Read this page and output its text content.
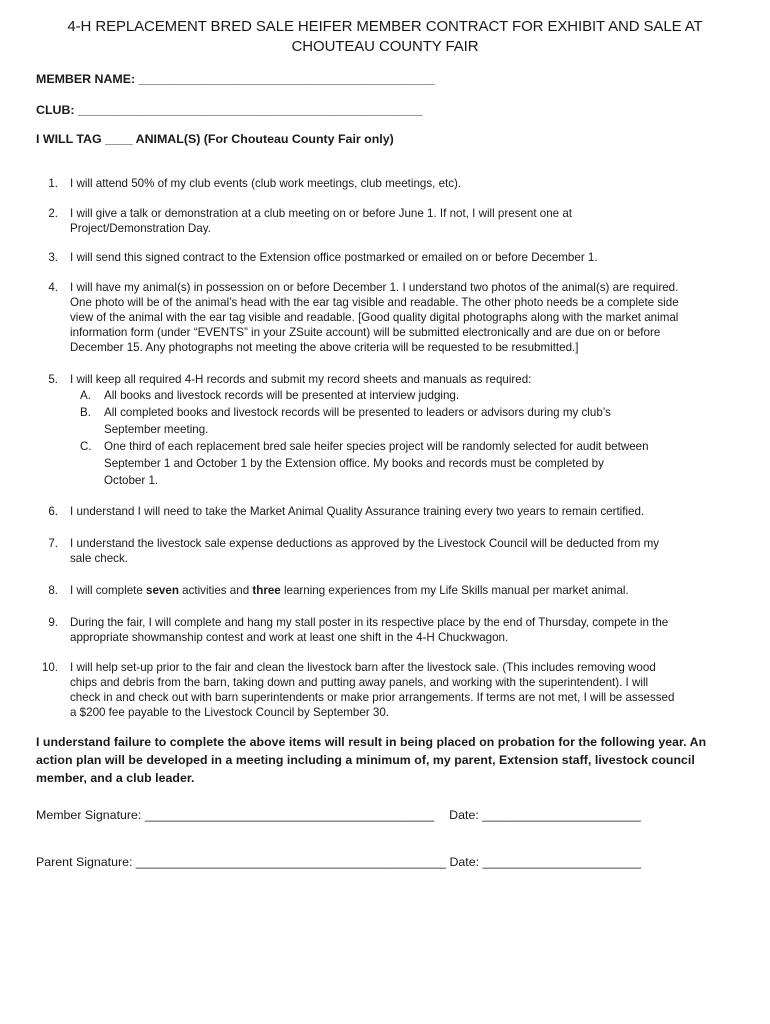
4-H REPLACEMENT BRED SALE HEIFER MEMBER CONTRACT FOR EXHIBIT AND SALE AT
CHOUTEAU COUNTY FAIR

MEMBER NAME: ___________________________________________

CLUB: __________________________________________________

I WILL TAG ____ ANIMAL(S) (For Chouteau County Fair only)

1. I will attend 50% of my club events (club work meetings, club meetings, etc).
2. I will give a talk or demonstration at a club meeting on or before June 1. If not, I will present one at
Project/Demonstration Day.
3. I will send this signed contract to the Extension office postmarked or emailed on or before December 1.
4. I will have my animal(s) in possession on or before December 1. I understand two photos of the animal(s) are required.
One photo will be of the animal’s head with the ear tag visible and readable. The other photo needs be a complete side
view of the animal with the ear tag visible and readable. [Good quality digital photographs along with the market animal
information form (under “EVENTS” in your ZSuite account) will be submitted electronically and are due on or before
December 15. Any photographs not meeting the above criteria will be requested to be resubmitted.]
5. I will keep all required 4-H records and submit my record sheets and manuals as required:
A.	All books and livestock records will be presented at interview judging.
B.	All completed books and livestock records will be presented to leaders or advisors during my club’s
September meeting.
C. One third of each replacement bred sale heifer species project will be randomly selected for audit between
September 1 and October 1 by the Extension office. My books and records must be completed by
October 1.
6. I understand I will need to take the Market Animal Quality Assurance training every two years to remain certified.
7. I understand the livestock sale expense deductions as approved by the Livestock Council will be deducted from my
sale check.
8. I will complete seven activities and three learning experiences from my Life Skills manual per market animal.
9. During the fair, I will complete and hang my stall poster in its respective place by the end of Thursday, compete in the
appropriate showmanship contest and work at least one shift in the 4-H Chuckwagon.
10. I will help set-up prior to the fair and clean the livestock barn after the livestock sale. (This includes removing wood
chips and debris from the barn, taking down and putting away panels, and working with the superintendent). I will
check in and check out with barn superintendents or make prior arrangements. If terms are not met, I will be assessed
a $200 fee payable to the Livestock Council by September 30.

I understand failure to complete the above items will result in being placed on probation for the following year. An
action plan will be developed in a meeting including a minimum of, my parent, Extension staff, livestock council
member, and a club leader.

Member Signature: __________________________________________ Date: _______________________
Parent Signature: _____________________________________________ Date: _______________________
